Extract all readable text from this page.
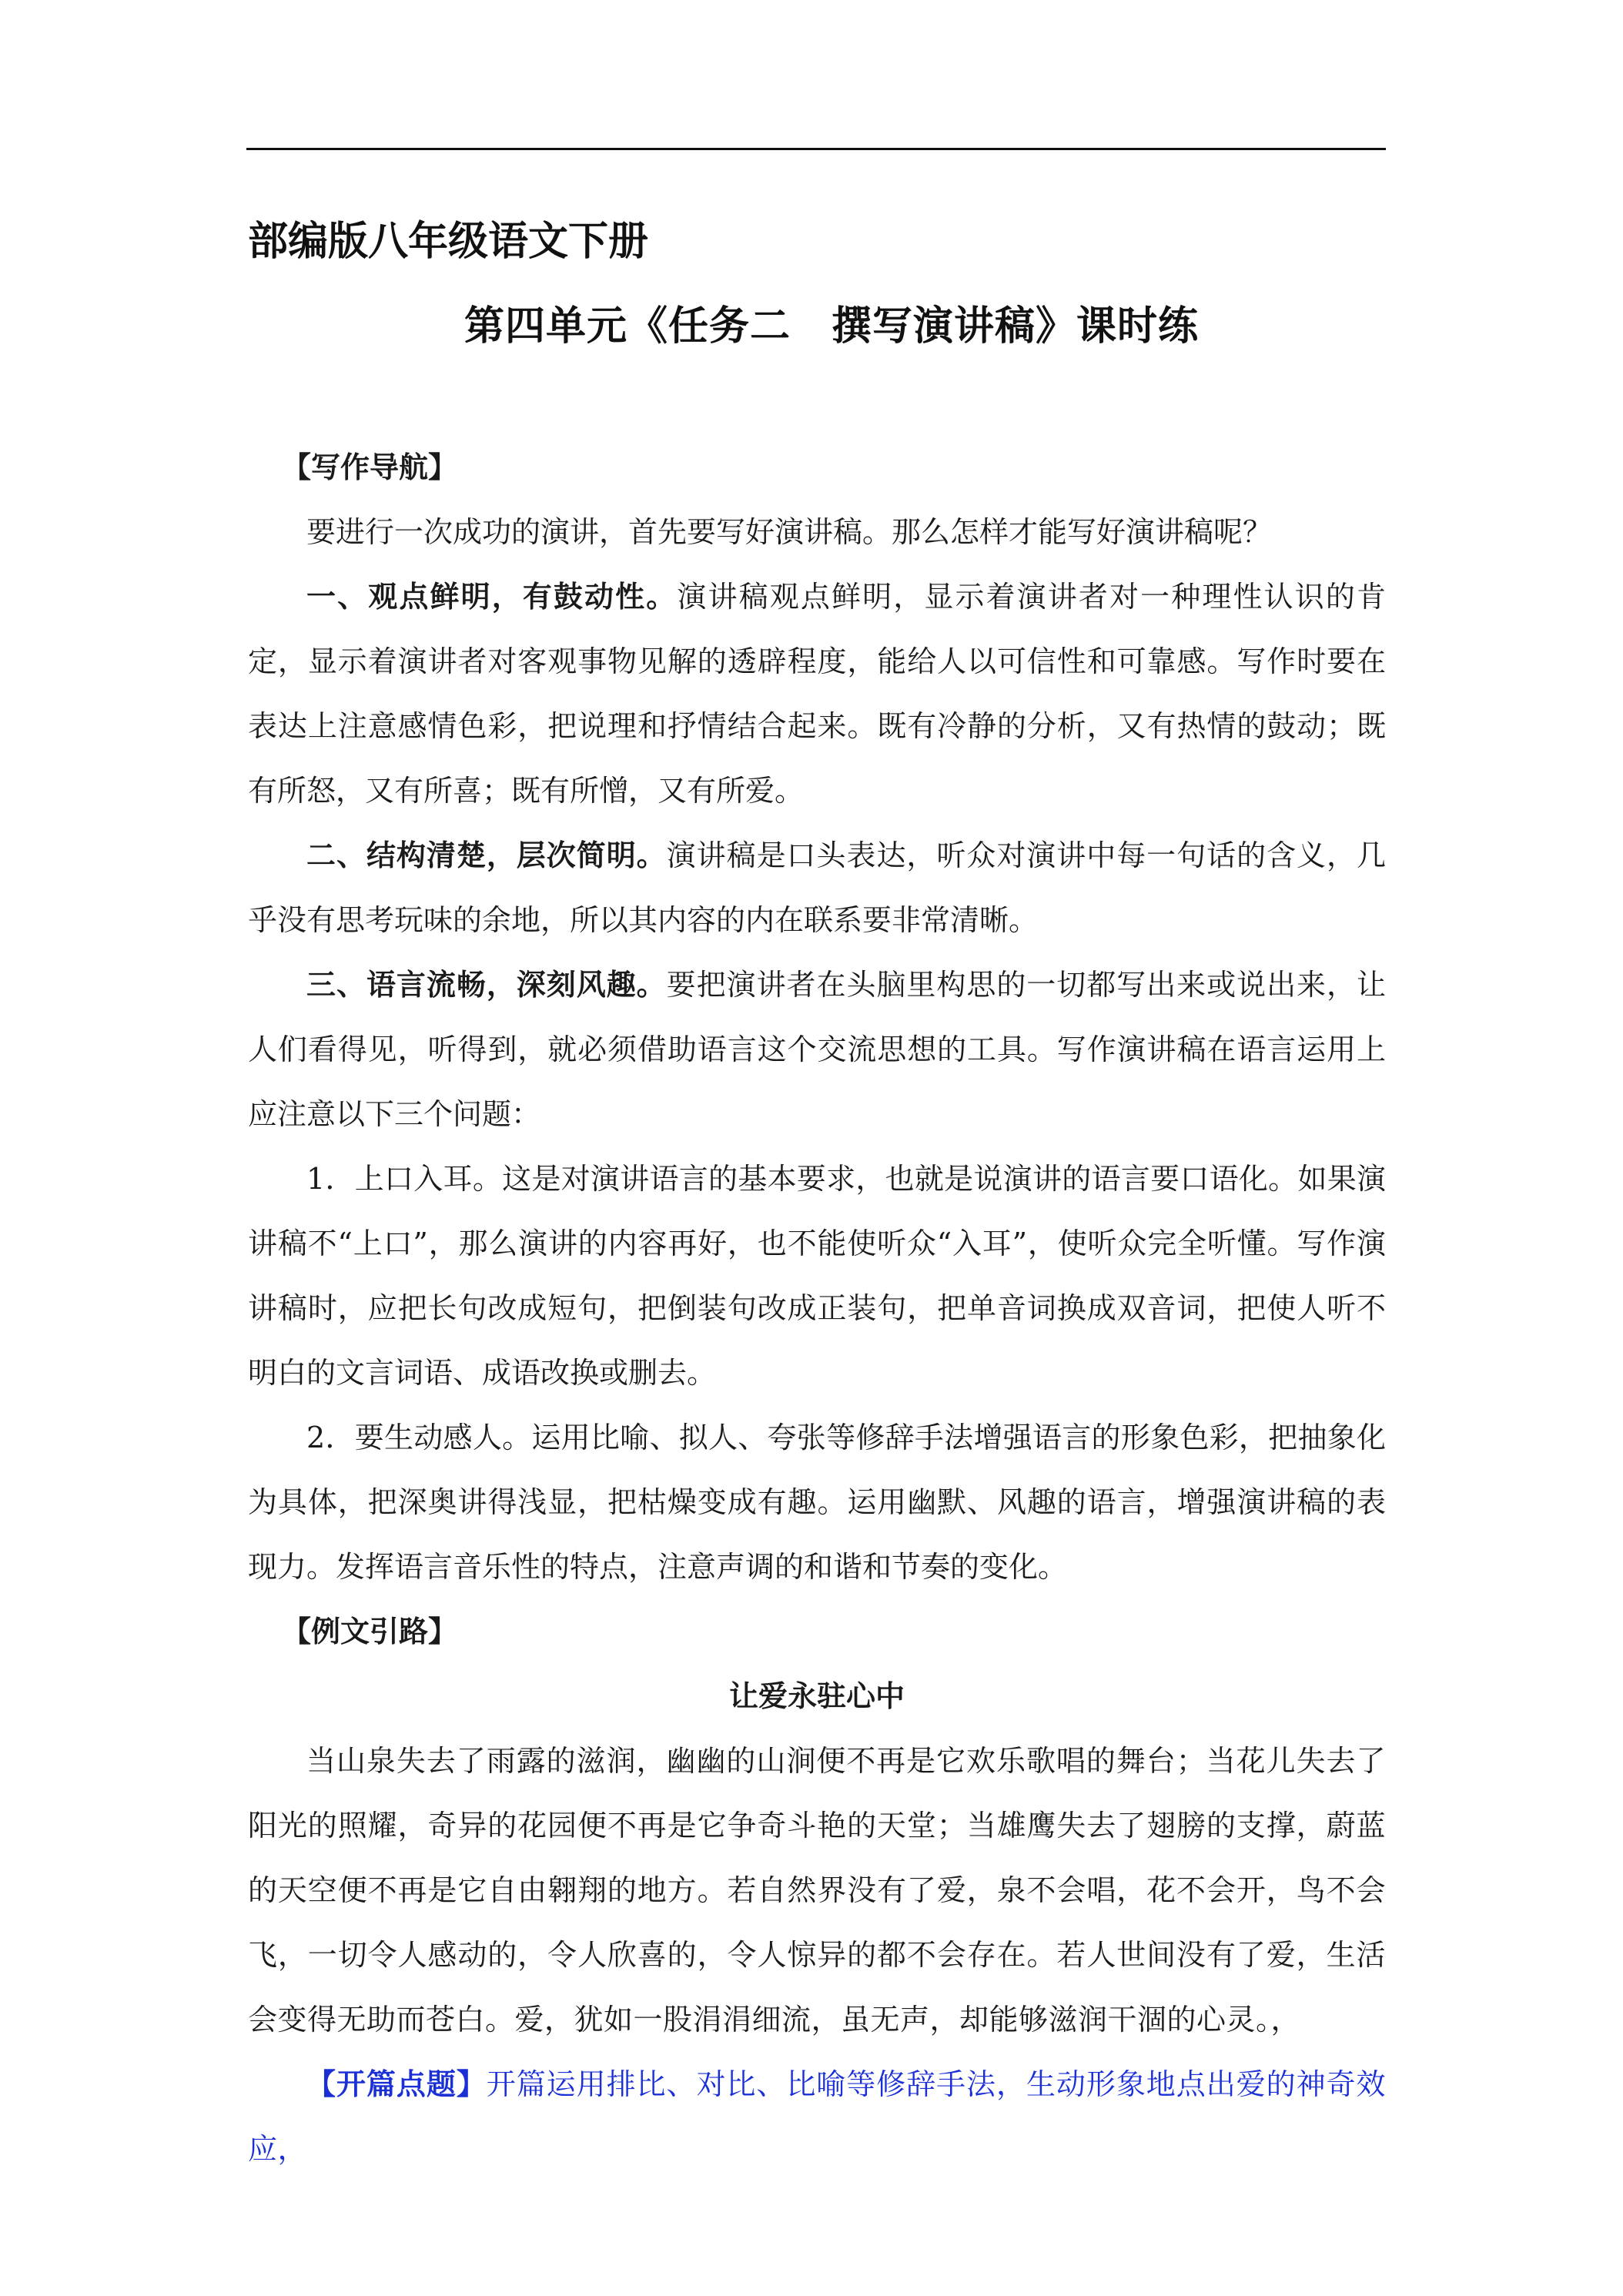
部编版八年级语文下册
第四单元《任务二　撰写演讲稿》课时练

【写作导航】

要进行一次成功的演讲，首先要写好演讲稿。那么怎样才能写好演讲稿呢？

一、观点鲜明，有鼓动性。演讲稿观点鲜明，显示着演讲者对一种理性认识的肯定，显示着演讲者对客观事物见解的透辟程度，能给人以可信性和可靠感。写作时要在表达上注意感情色彩，把说理和抒情结合起来。既有冷静的分析，又有热情的鼓动；既有所怒，又有所喜；既有所憎，又有所爱。

二、结构清楚，层次简明。演讲稿是口头表达，听众对演讲中每一句话的含义，几乎没有思考玩味的余地，所以其内容的内在联系要非常清晰。

三、语言流畅，深刻风趣。要把演讲者在头脑里构思的一切都写出来或说出来，让人们看得见，听得到，就必须借助语言这个交流思想的工具。写作演讲稿在语言运用上应注意以下三个问题：

1．上口入耳。这是对演讲语言的基本要求，也就是说演讲的语言要口语化。如果演讲稿不“上口”，那么演讲的内容再好，也不能使听众“入耳”，使听众完全听懂。写作演讲稿时，应把长句改成短句，把倒装句改成正装句，把单音词换成双音词，把使人听不明白的文言词语、成语改换或删去。

2．要生动感人。运用比喻、拟人、夸张等修辞手法增强语言的形象色彩，把抽象化为具体，把深奥讲得浅显，把枯燥变成有趣。运用幽默、风趣的语言，增强演讲稿的表现力。发挥语言音乐性的特点，注意声调的和谐和节奏的变化。

【例文引路】

让爱永驻心中

当山泉失去了雨露的滋润，幽幽的山涧便不再是它欢乐歌唱的舞台；当花儿失去了阳光的照耀，奇异的花园便不再是它争奇斗艳的天堂；当雄鹰失去了翅膀的支撑，蔚蓝的天空便不再是它自由翱翔的地方。若自然界没有了爱，泉不会唱，花不会开，鸟不会飞，一切令人感动的，令人欣喜的，令人惊异的都不会存在。若人世间没有了爱，生活会变得无助而苍白。爱，犹如一股涓涓细流，虽无声，却能够滋润干涸的心灵。，

【开篇点题】开篇运用排比、对比、比喻等修辞手法，生动形象地点出爱的神奇效应，
